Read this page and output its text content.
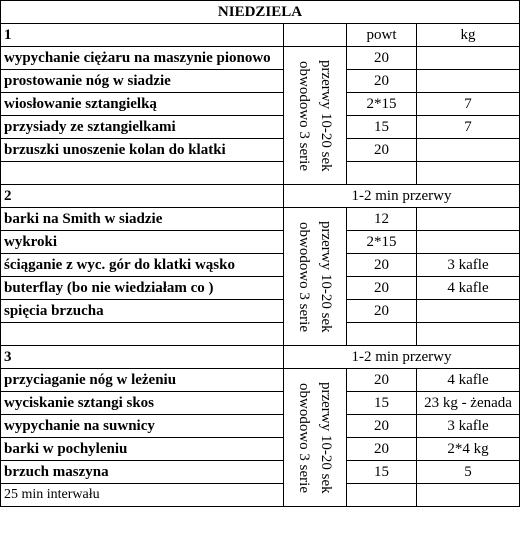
NIEDZIELA			
1		powt	kg
wypychanie ciężaru na maszynie pionowo	obwodowo 3 serie przerwy 10-20 sek	20	
prostowanie nóg w siadzie		20	
wiosłowanie sztangielką		2*15	7
przysiady ze sztangielkami		15	7
brzuszki unoszenie kolan do klatki		20	

2	1-2 min przerwy		
barki na Smith w siadzie	obwodowo 3 serie przerwy 10-20 sek	12	
wykroki		2*15	
ściąganie z wyc. gór do klatki wąsko		20	3 kafle
buterflay (bo nie wiedziałam co )		20	4 kafle
spięcia brzucha		20	

3	1-2 min przerwy		
przyciaganie nóg w leżeniu	obwodowo 3 serie przerwy 10-20 sek	20	4 kafle
wyciskanie sztangi skos		15	23 kg - żenada
wypychanie na suwnicy		20	3 kafle
barki w pochyleniu		20	2*4 kg
brzuch maszyna		15	5
25 min interwału			
